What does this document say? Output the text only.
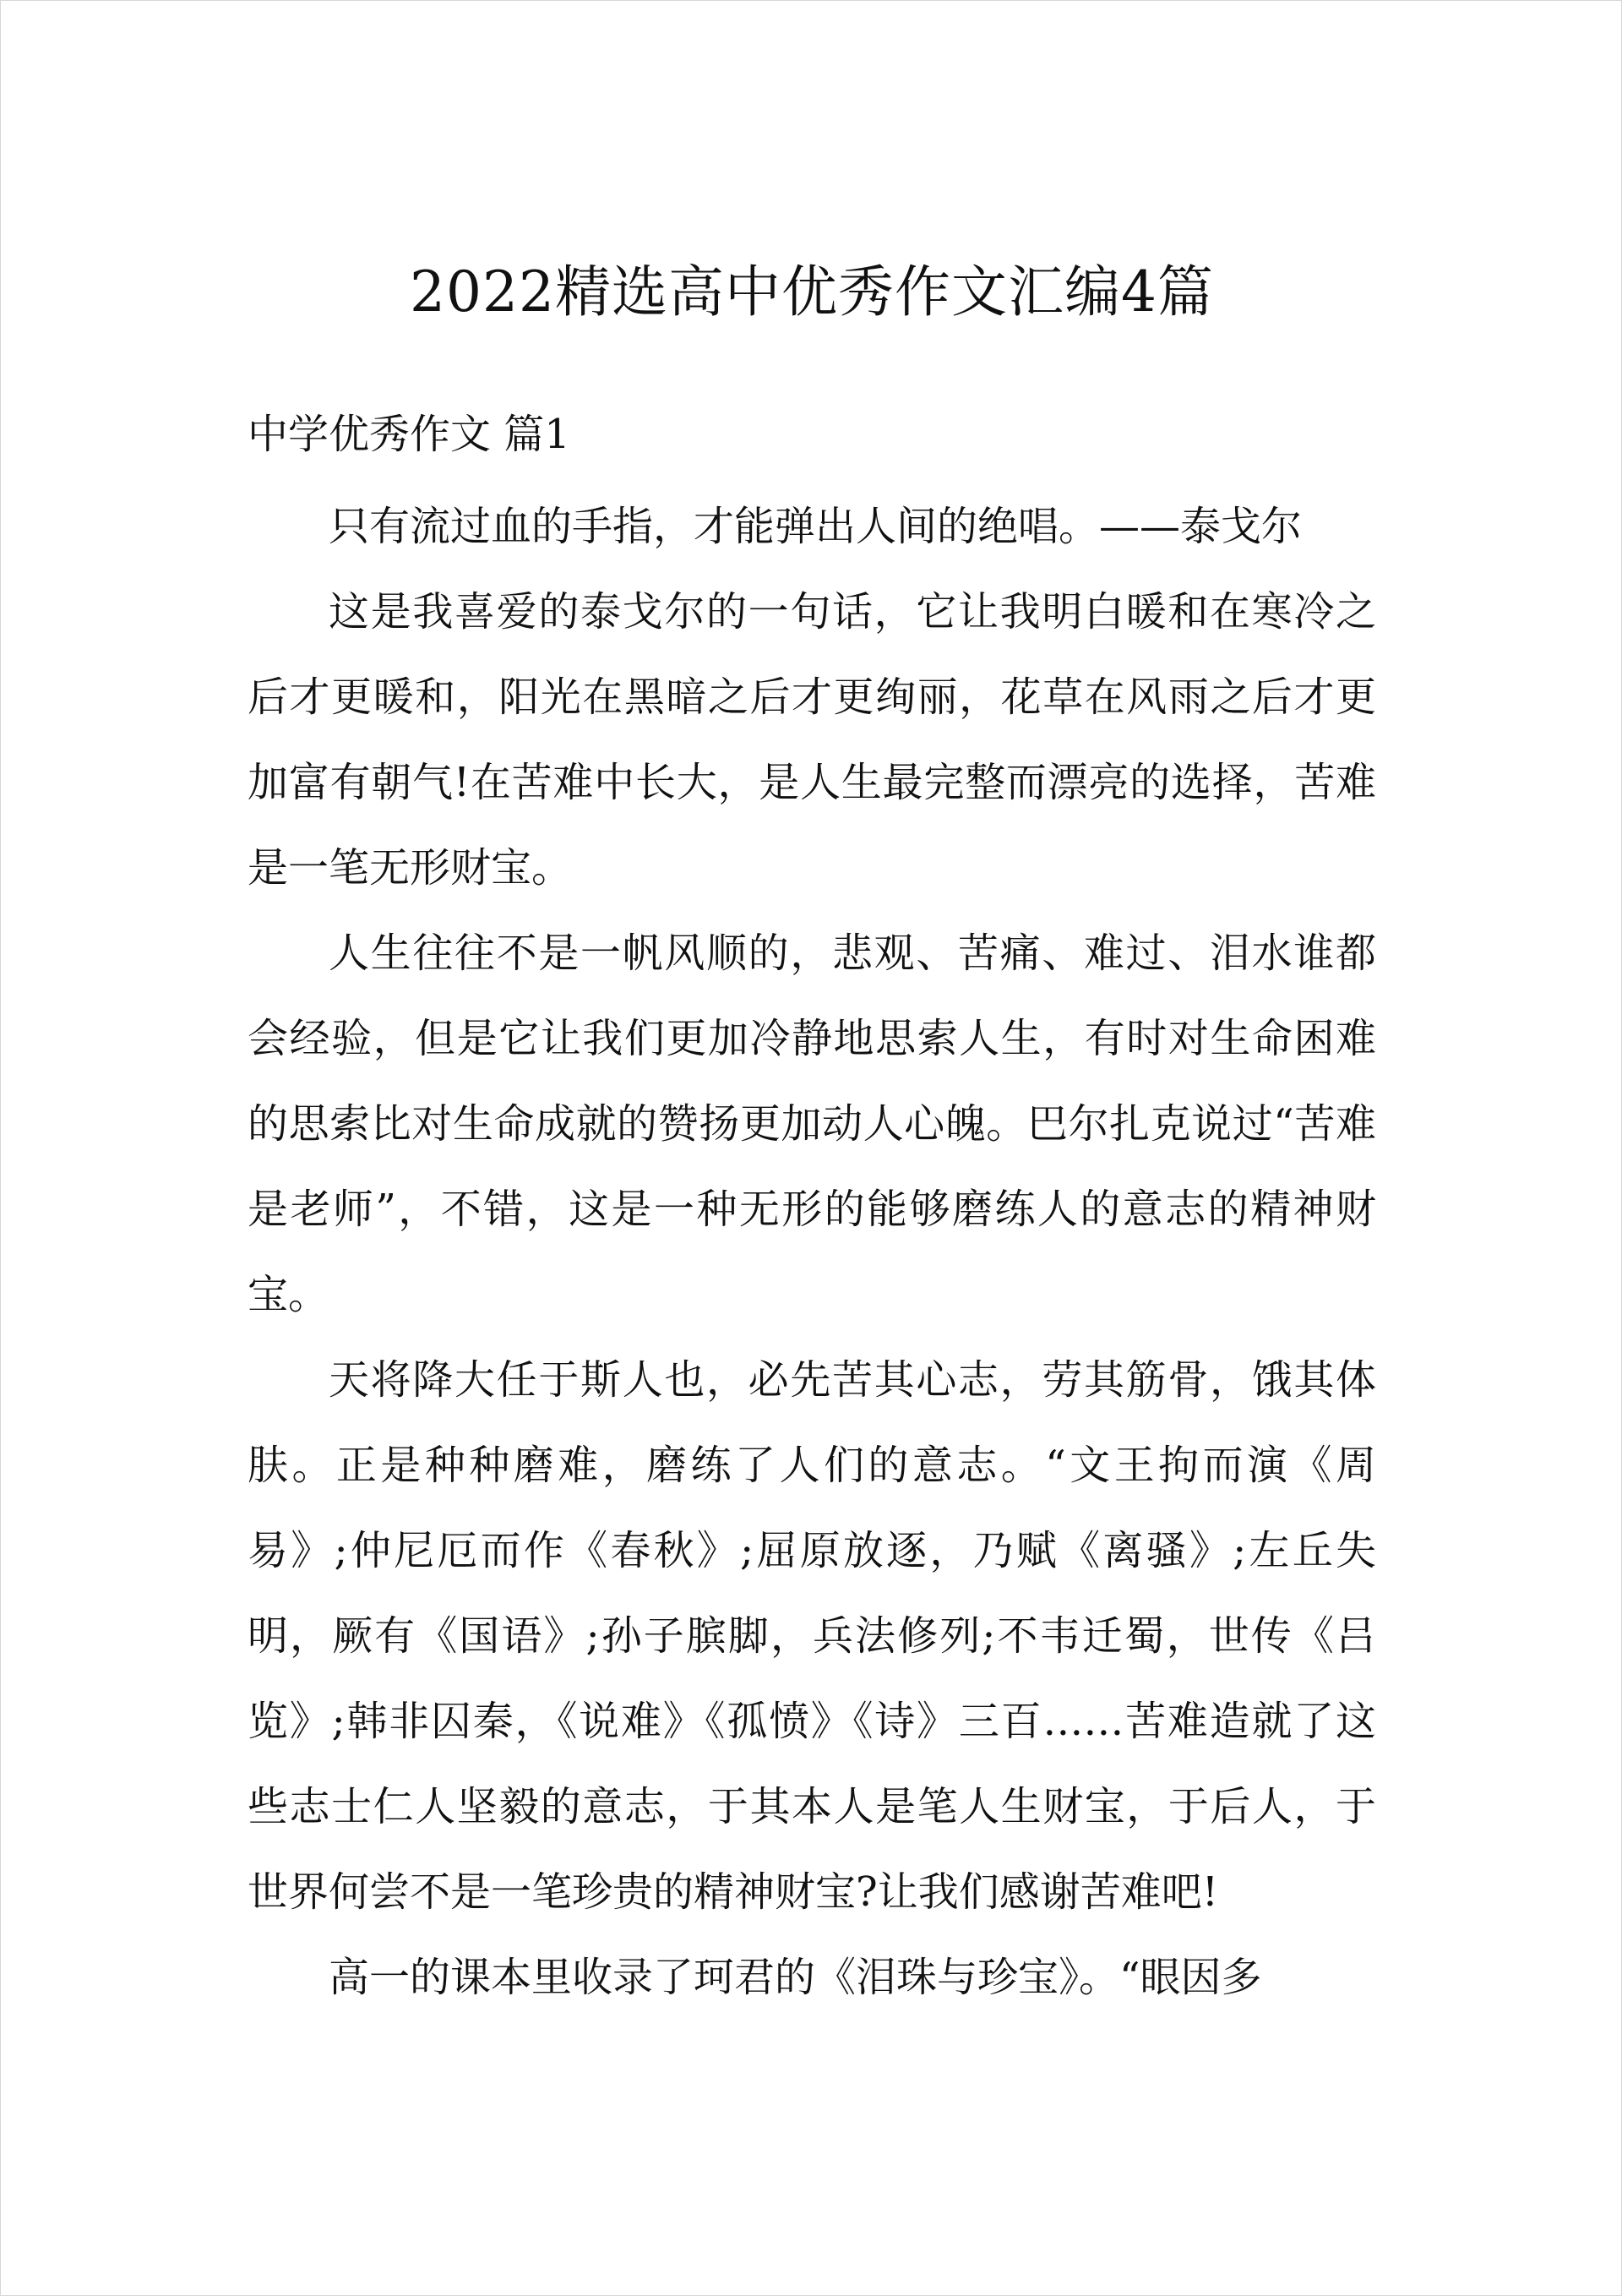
2022精选高中优秀作文汇编4篇
中学优秀作文 篇1

只有流过血的手指，才能弹出人间的绝唱。——泰戈尔

这是我喜爱的泰戈尔的一句话，它让我明白暖和在寒冷之后才更暖和，阳光在黑暗之后才更绚丽，花草在风雨之后才更加富有朝气!在苦难中长大，是人生最完整而漂亮的选择，苦难是一笔无形财宝。

人生往往不是一帆风顺的，悲观、苦痛、难过、泪水谁都会经验，但是它让我们更加冷静地思索人生，有时对生命困难的思索比对生命成就的赞扬更加动人心魄。巴尔扎克说过“苦难是老师”，不错，这是一种无形的能够磨练人的意志的精神财宝。

天将降大任于斯人也，必先苦其心志，劳其筋骨，饿其体肤。正是种种磨难，磨练了人们的意志。“文王拘而演《周易》;仲尼厄而作《春秋》;屈原放逐，乃赋《离骚》;左丘失明，厥有《国语》;孙子膑脚，兵法修列;不韦迁蜀，世传《吕览》;韩非囚秦，《说难》《孤愤》《诗》三百……苦难造就了这些志士仁人坚毅的意志，于其本人是笔人生财宝，于后人，于世界何尝不是一笔珍贵的精神财宝?让我们感谢苦难吧!

高一的课本里收录了珂君的《泪珠与珍宝》。“眼因多
